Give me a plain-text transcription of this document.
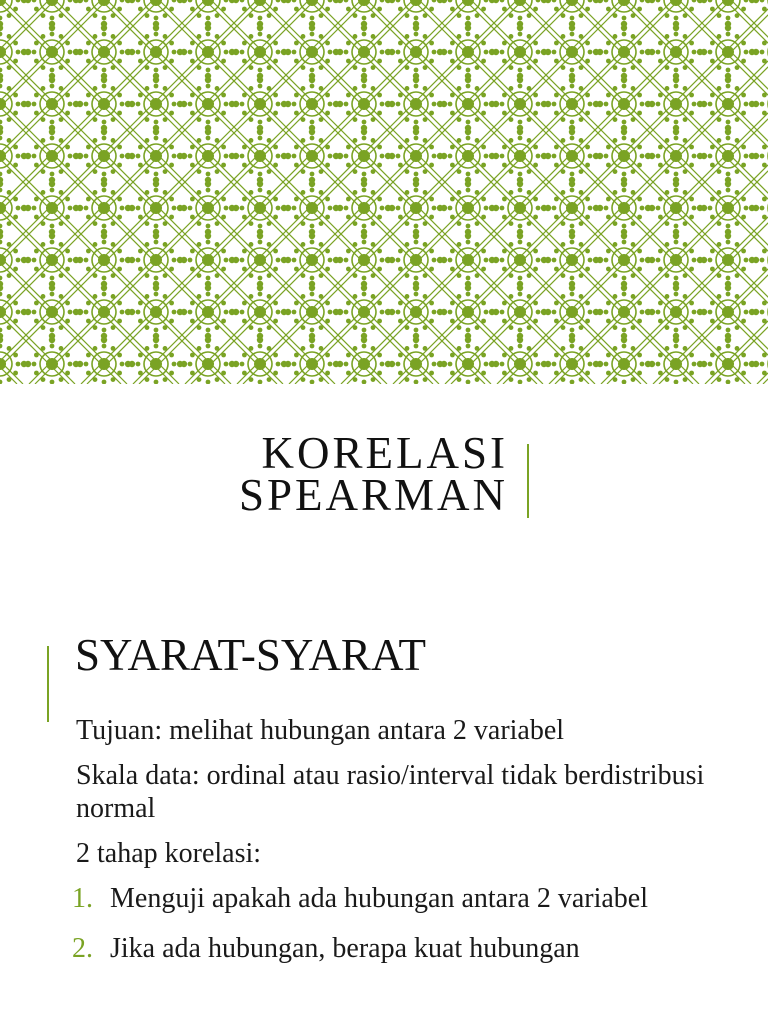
KORELASI
SPEARMAN
SYARAT-SYARAT

Tujuan: melihat hubungan antara 2 variabel

Skala data: ordinal atau rasio/interval tidak berdistribusi normal

2 tahap korelasi:

1. Menguji apakah ada hubungan antara 2 variabel
2. Jika ada hubungan, berapa kuat hubungan
